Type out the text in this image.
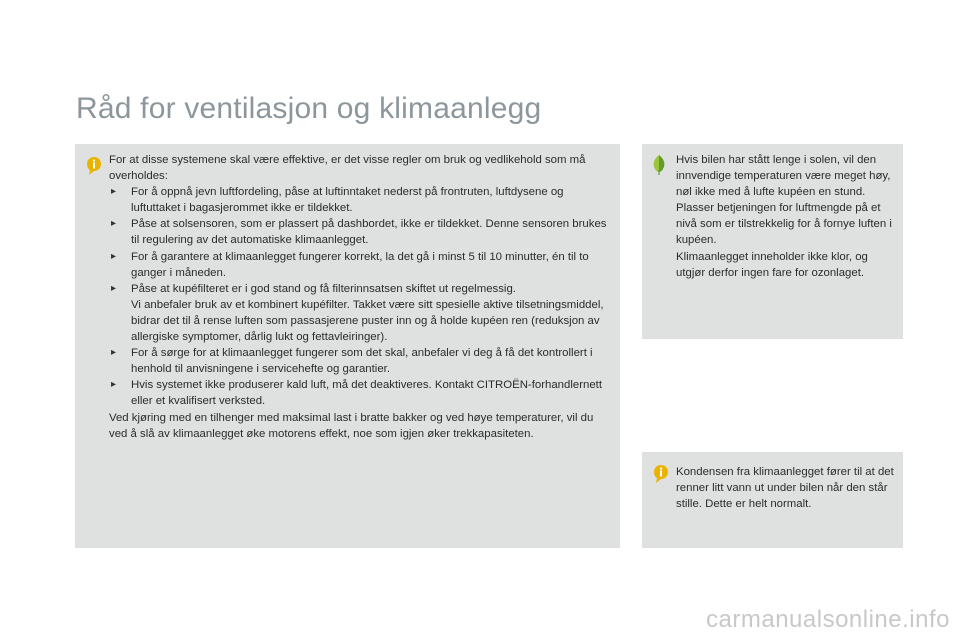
Råd for ventilasjon og klimaanlegg

For at disse systemene skal være effektive, er det visse regler om bruk og vedlikehold som må overholdes:

▸ For å oppnå jevn luftfordeling, påse at luftinntaket nederst på frontruten, luftdysene og luftuttaket i bagasjerommet ikke er tildekket.
▸ Påse at solsensoren, som er plassert på dashbordet, ikke er tildekket. Denne sensoren brukes til regulering av det automatiske klimaanlegget.
▸ For å garantere at klimaanlegget fungerer korrekt, la det gå i minst 5 til 10 minutter, én til to ganger i måneden.
▸ Påse at kupéfilteret er i god stand og få filterinnsatsen skiftet ut regelmessig.
Vi anbefaler bruk av et kombinert kupéfilter. Takket være sitt spesielle aktive tilsetningsmiddel, bidrar det til å rense luften som passasjerene puster inn og å holde kupéen ren (reduksjon av allergiske symptomer, dårlig lukt og fettavleiringer).
▸ For å sørge for at klimaanlegget fungerer som det skal, anbefaler vi deg å få det kontrollert i henhold til anvisningene i servicehefte og garantier.
▸ Hvis systemet ikke produserer kald luft, må det deaktiveres. Kontakt CITROËN-forhandlernett eller et kvalifisert verksted.

Ved kjøring med en tilhenger med maksimal last i bratte bakker og ved høye temperaturer, vil du ved å slå av klimaanlegget øke motorens effekt, noe som igjen øker trekkapasiteten.

Hvis bilen har stått lenge i solen, vil den innvendige temperaturen være meget høy, nøl ikke med å lufte kupéen en stund.

Plasser betjeningen for luftmengde på et nivå som er tilstrekkelig for å fornye luften i kupéen.

Klimaanlegget inneholder ikke klor, og utgjør derfor ingen fare for ozonlaget.

Kondensen fra klimaanlegget fører til at det renner litt vann ut under bilen når den står stille. Dette er helt normalt.
carmanualsonline.info
